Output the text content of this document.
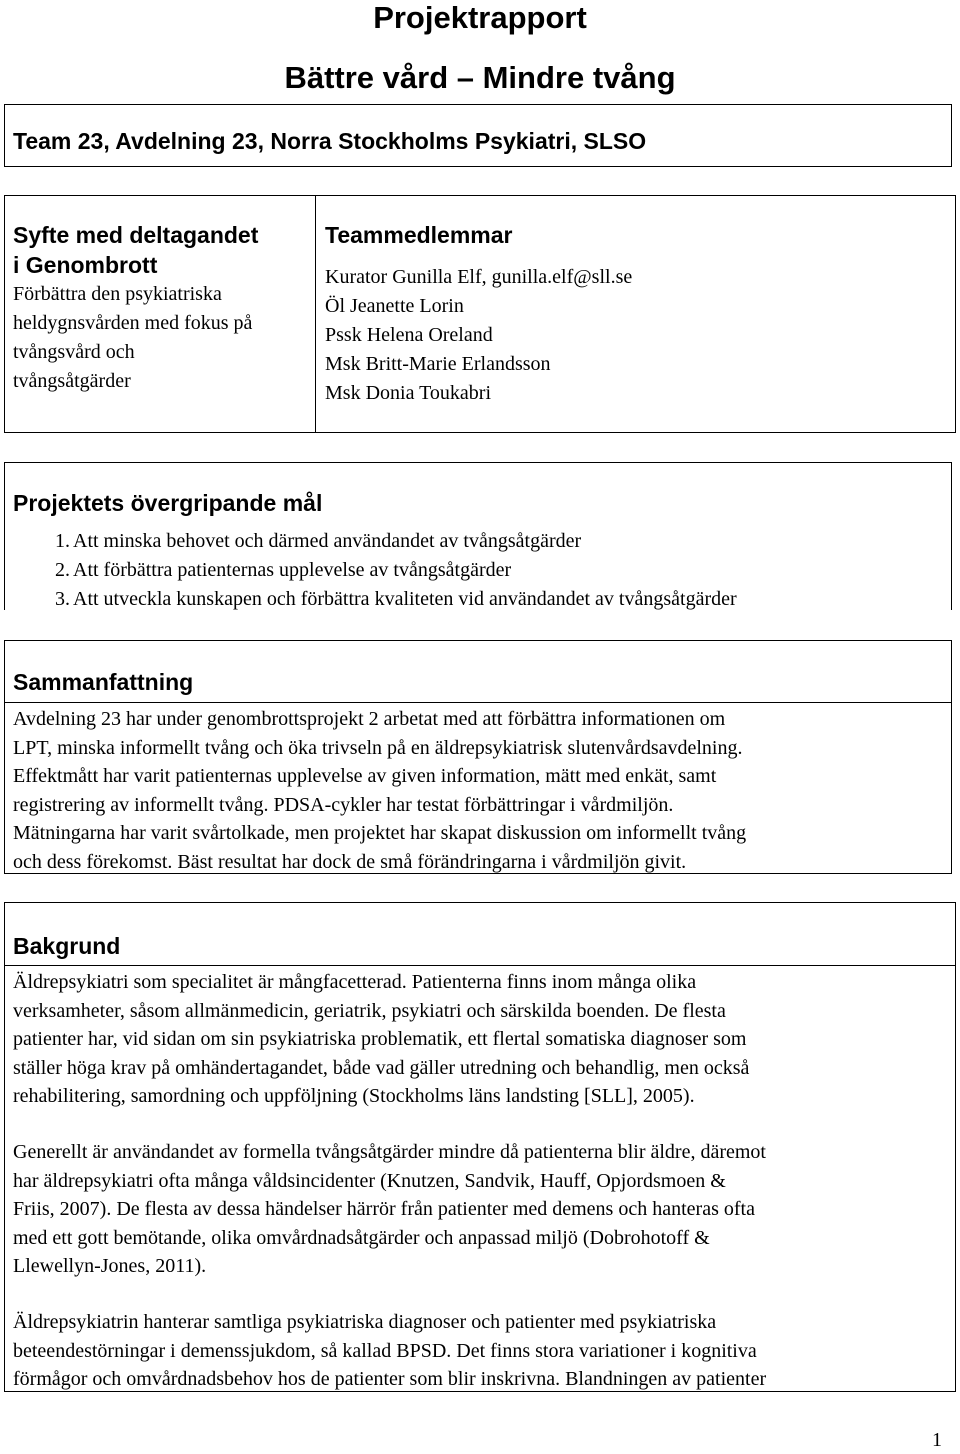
Projektrapport
Bättre vård – Mindre tvång
Team 23, Avdelning 23, Norra Stockholms Psykiatri, SLSO
Syfte med deltagandet
i Genombrott
Förbättra den psykiatriska
heldygnsvården med fokus på
tvångsvård och
tvångsåtgärder
Teammedlemmar
Kurator Gunilla Elf, gunilla.elf@sll.se
Öl Jeanette Lorin
Pssk Helena Oreland
Msk Britt-Marie Erlandsson
Msk Donia Toukabri
Projektets övergripande mål
1. Att minska behovet och därmed användandet av tvångsåtgärder
2. Att förbättra patienternas upplevelse av tvångsåtgärder
3. Att utveckla kunskapen och förbättra kvaliteten vid användandet av tvångsåtgärder
Sammanfattning
Avdelning 23 har under genombrottsprojekt 2 arbetat med att förbättra informationen om
LPT, minska informellt tvång och öka trivseln på en äldrepsykiatrisk slutenvårdsavdelning.
Effektmått har varit patienternas upplevelse av given information, mätt med enkät, samt
registrering av informellt tvång. PDSA-cykler har testat förbättringar i vårdmiljön.
Mätningarna har varit svårtolkade, men projektet har skapat diskussion om informellt tvång
och dess förekomst. Bäst resultat har dock de små förändringarna i vårdmiljön givit.
Bakgrund
Äldrepsykiatri som specialitet är mångfacetterad. Patienterna finns inom många olika
verksamheter, såsom allmänmedicin, geriatrik, psykiatri och särskilda boenden. De flesta
patienter har, vid sidan om sin psykiatriska problematik, ett flertal somatiska diagnoser som
ställer höga krav på omhändertagandet, både vad gäller utredning och behandlig, men också
rehabilitering, samordning och uppföljning (Stockholms läns landsting [SLL], 2005).
Generellt är användandet av formella tvångsåtgärder mindre då patienterna blir äldre, däremot
har äldrepsykiatri ofta många våldsincidenter (Knutzen, Sandvik, Hauff, Opjordsmoen &
Friis, 2007). De flesta av dessa händelser härrör från patienter med demens och hanteras ofta
med ett gott bemötande, olika omvårdnadsåtgärder och anpassad miljö (Dobrohotoff &
Llewellyn-Jones, 2011).
Äldrepsykiatrin hanterar samtliga psykiatriska diagnoser och patienter med psykiatriska
beteendestörningar i demenssjukdom, så kallad BPSD. Det finns stora variationer i kognitiva
förmågor och omvårdnadsbehov hos de patienter som blir inskrivna. Blandningen av patienter
1
